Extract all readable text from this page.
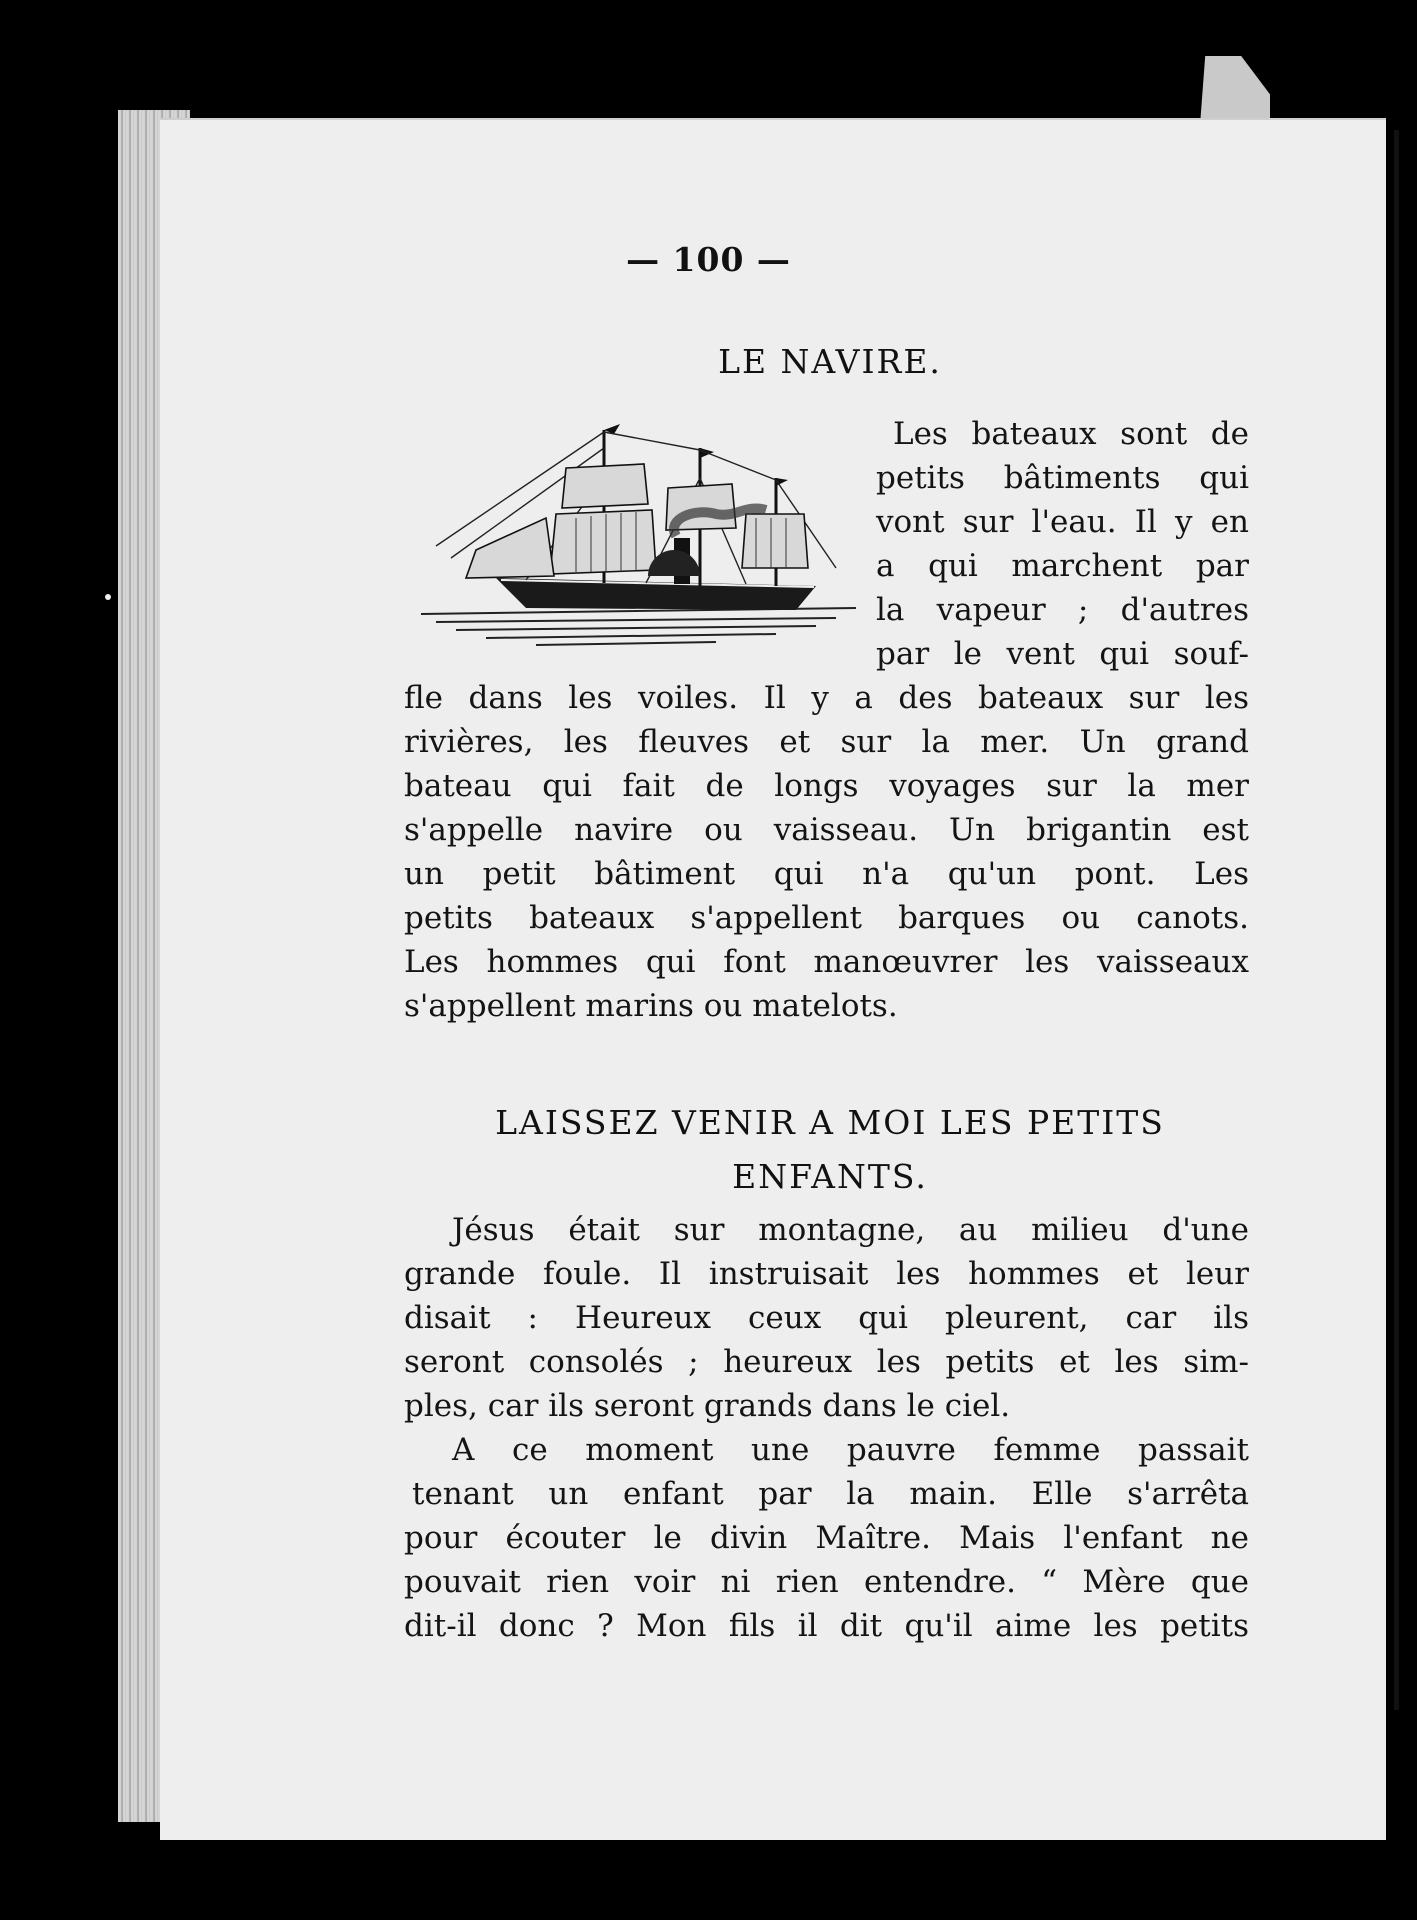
— 100 —
LE NAVIRE.
Les bateaux sont de
petits bâtiments qui
vont sur l'eau. Il y en
a qui marchent par
la vapeur ; d'autres
par le vent qui souf-
fle dans les voiles. Il y a des bateaux sur les
rivières, les fleuves et sur la mer. Un grand
bateau qui fait de longs voyages sur la mer
s'appelle navire ou vaisseau. Un brigantin est
un petit bâtiment qui n'a qu'un pont. Les
petits bateaux s'appellent barques ou canots.
Les hommes qui font manœuvrer les vaisseaux
s'appellent marins ou matelots.
LAISSEZ VENIR A MOI LES PETITS
ENFANTS.
Jésus était sur montagne, au milieu d'une
grande foule. Il instruisait les hommes et leur
disait : Heureux ceux qui pleurent, car ils
seront consolés ; heureux les petits et les sim-
ples, car ils seront grands dans le ciel.
A ce moment une pauvre femme passait
tenant un enfant par la main. Elle s'arrêta
pour écouter le divin Maître. Mais l'enfant ne
pouvait rien voir ni rien entendre. “ Mère que
dit-il donc ? Mon fils il dit qu'il aime les petits
